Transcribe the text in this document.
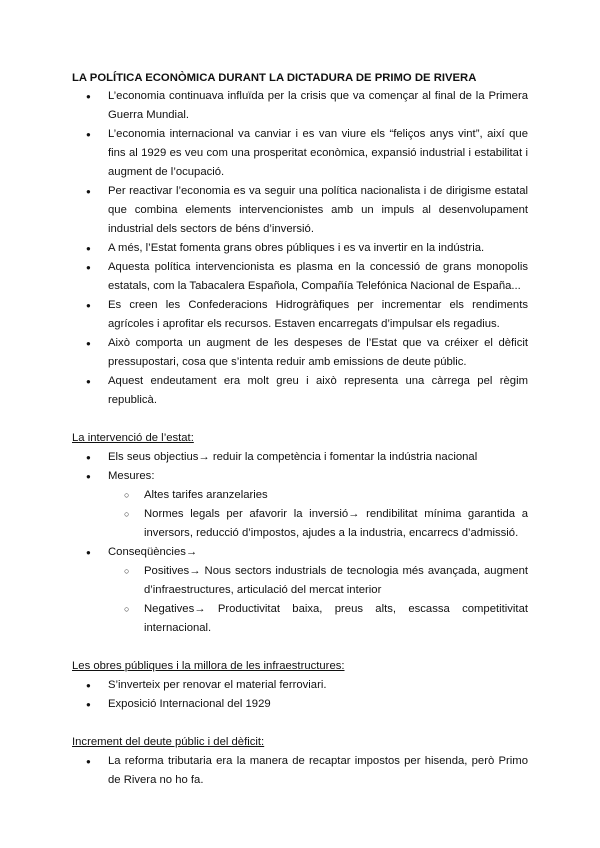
LA POLÍTICA ECONÒMICA DURANT LA DICTADURA DE PRIMO DE RIVERA
● L’economia continuava influïda per la crisis que va començar al final de la Primera Guerra Mundial.
● L’economia internacional va canviar i es van viure els “feliços anys vint”, així que fins al 1929 es veu com una prosperitat econòmica, expansió industrial i estabilitat i augment de l’ocupació.
● Per reactivar l’economia es va seguir una política nacionalista i de dirigisme estatal que combina elements intervencionistes amb un impuls al desenvolupament industrial dels sectors de béns d’inversió.
● A més, l’Estat fomenta grans obres públiques i es va invertir en la indústria.
● Aquesta política intervencionista es plasma en la concessió de grans monopolis estatals, com la Tabacalera Española, Compañía Telefónica Nacional de España...
● Es creen les Confederacions Hidrogràfiques per incrementar els rendiments agrícoles i aprofitar els recursos. Estaven encarregats d’impulsar els regadius.
● Això comporta un augment de les despeses de l’Estat que va créixer el dèficit pressupostari, cosa que s’intenta reduir amb emissions de deute públic.
● Aquest endeutament era molt greu i això representa una càrrega pel règim republicà.
La intervenció de l’estat:
● Els seus objectius→ reduir la competència i fomentar la indústria nacional
● Mesures:
○ Altes tarifes aranzelaries
○ Normes legals per afavorir la inversió→ rendibilitat mínima garantida a inversors, reducció d’impostos, ajudes a la industria, encarrecs d’admissió.
● Conseqüències→
○ Positives→ Nous sectors industrials de tecnologia més avançada, augment d’infraestructures, articulació del mercat interior
○ Negatives→ Productivitat baixa, preus alts, escassa competitivitat internacional.
Les obres públiques i la millora de les infraestructures:
● S’inverteix per renovar el material ferroviari.
● Exposició Internacional del 1929
Increment del deute públic i del dèficit:
● La reforma tributaria era la manera de recaptar impostos per hisenda, però Primo de Rivera no ho fa.
